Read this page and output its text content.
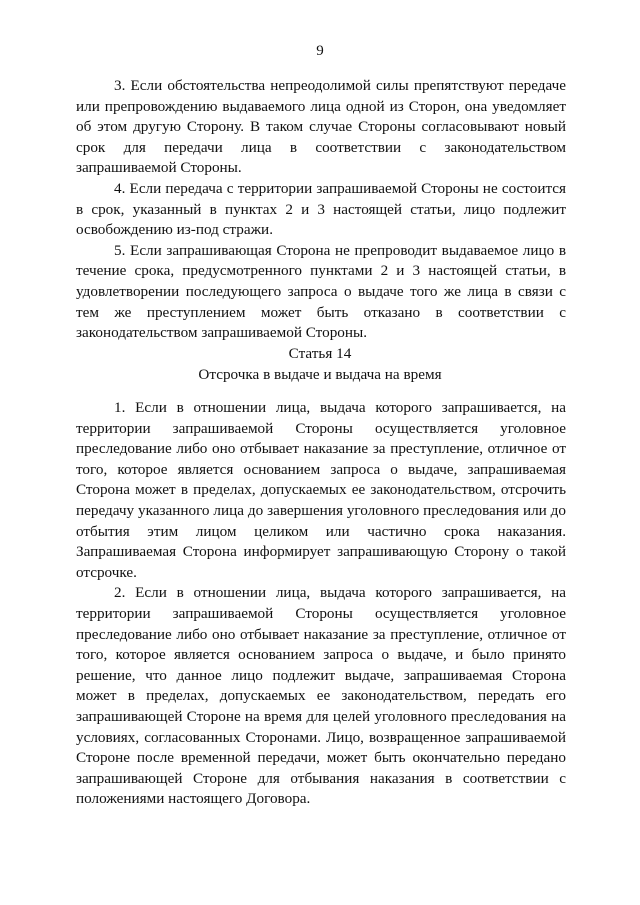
9

3. Если обстоятельства непреодолимой силы препятствуют передаче или препровождению выдаваемого лица одной из Сторон, она уведомляет об этом другую Сторону. В таком случае Стороны согласовывают новый срок для передачи лица в соответствии с законодательством запрашиваемой Стороны.

4. Если передача с территории запрашиваемой Стороны не состоится в срок, указанный в пунктах 2 и 3 настоящей статьи, лицо подлежит освобождению из-под стражи.

5. Если запрашивающая Сторона не препроводит выдаваемое лицо в течение срока, предусмотренного пунктами 2 и 3 настоящей статьи, в удовлетворении последующего запроса о выдаче того же лица в связи с тем же преступлением может быть отказано в соответствии с законодательством запрашиваемой Стороны.

Статья 14
Отсрочка в выдаче и выдача на время

1. Если в отношении лица, выдача которого запрашивается, на территории запрашиваемой Стороны осуществляется уголовное преследование либо оно отбывает наказание за преступление, отличное от того, которое является основанием запроса о выдаче, запрашиваемая Сторона может в пределах, допускаемых ее законодательством, отсрочить передачу указанного лица до завершения уголовного преследования или до отбытия этим лицом целиком или частично срока наказания. Запрашиваемая Сторона информирует запрашивающую Сторону о такой отсрочке.

2. Если в отношении лица, выдача которого запрашивается, на территории запрашиваемой Стороны осуществляется уголовное преследование либо оно отбывает наказание за преступление, отличное от того, которое является основанием запроса о выдаче, и было принято решение, что данное лицо подлежит выдаче, запрашиваемая Сторона может в пределах, допускаемых ее законодательством, передать его запрашивающей Стороне на время для целей уголовного преследования на условиях, согласованных Сторонами. Лицо, возвращенное запрашиваемой Стороне после временной передачи, может быть окончательно передано запрашивающей Стороне для отбывания наказания в соответствии с положениями настоящего Договора.
